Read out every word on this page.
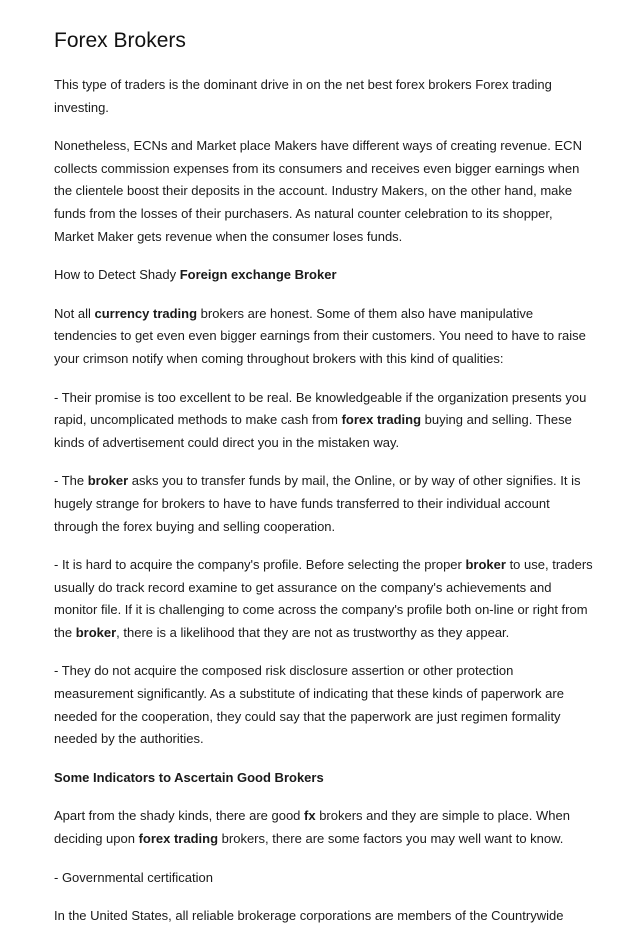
Forex Brokers

This type of traders is the dominant drive in on the net best forex brokers Forex trading investing.

Nonetheless, ECNs and Market place Makers have different ways of creating revenue. ECN collects commission expenses from its consumers and receives even bigger earnings when the clientele boost their deposits in the account. Industry Makers, on the other hand, make funds from the losses of their purchasers. As natural counter celebration to its shopper, Market Maker gets revenue when the consumer loses funds.

How to Detect Shady Foreign exchange Broker

Not all currency trading brokers are honest. Some of them also have manipulative tendencies to get even even bigger earnings from their customers. You need to have to raise your crimson notify when coming throughout brokers with this kind of qualities:

- Their promise is too excellent to be real. Be knowledgeable if the organization presents you rapid, uncomplicated methods to make cash from forex trading buying and selling. These kinds of advertisement could direct you in the mistaken way.

- The broker asks you to transfer funds by mail, the Online, or by way of other signifies. It is hugely strange for brokers to have to have funds transferred to their individual account through the forex buying and selling cooperation.

- It is hard to acquire the company's profile. Before selecting the proper broker to use, traders usually do track record examine to get assurance on the company's achievements and monitor file. If it is challenging to come across the company's profile both on-line or right from the broker, there is a likelihood that they are not as trustworthy as they appear.

- They do not acquire the composed risk disclosure assertion or other protection measurement significantly. As a substitute of indicating that these kinds of paperwork are needed for the cooperation, they could say that the paperwork are just regimen formality needed by the authorities.

Some Indicators to Ascertain Good Brokers

Apart from the shady kinds, there are good fx brokers and they are simple to place. When deciding upon forex trading brokers, there are some factors you may well want to know.

- Governmental certification

In the United States, all reliable brokerage corporations are members of the Countrywide
